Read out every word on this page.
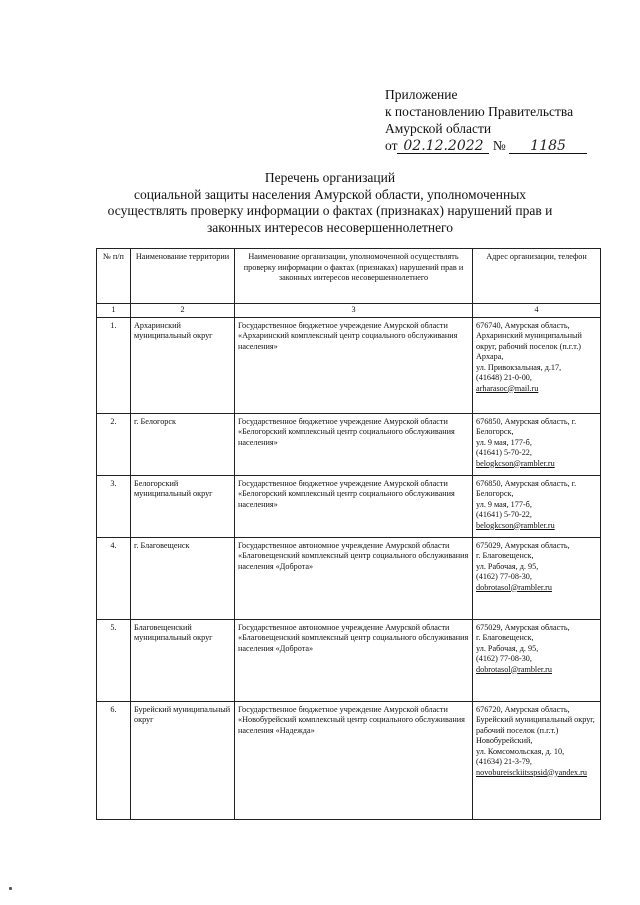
Приложение
к постановлению Правительства
Амурской области
от 02.12.2022 № 1185
Перечень организаций
социальной защиты населения Амурской области, уполномоченных
осуществлять проверку информации о фактах (признаках) нарушений прав и
законных интересов несовершеннолетнего
№ п/п	Наименование территории	Наименование организации, уполномоченной осуществлять проверку информации о фактах (признаках) нарушений прав и законных интересов несовершеннолетнего	Адрес организации, телефон
1	2	3	4
1.	Архаринский муниципальный округ	Государственное бюджетное учреждение Амурской области «Архаринский комплексный центр социального обслуживания населения»	676740, Амурская область, Архаринский муниципальный округ, рабочий поселок (п.г.т.) Архара,
ул. Привокзальная, д.17,
(41648) 21-0-00,
arharasoc@mail.ru

2.	г. Белогорск	Государственное бюджетное учреждение Амурской области «Белогорский комплексный центр социального обслуживания населения»	676850, Амурская область, г. Белогорск,
ул. 9 мая, 177-б,
(41641) 5-70-22,
belogkcson@rambler.ru

3.	Белогорский муниципальный округ	Государственное бюджетное учреждение Амурской области «Белогорский комплексный центр социального обслуживания населения»	676850, Амурская область, г. Белогорск,
ул. 9 мая, 177-б,
(41641) 5-70-22,
belogkcson@rambler.ru

4.	г. Благовещенск	Государственное автономное учреждение Амурской области «Благовещенский комплексный центр социального обслуживания населения «Доброта»	675029, Амурская область,
г. Благовещенск,
ул. Рабочая, д. 95,
(4162) 77-08-30,
dobrotasol@rambler.ru

5.	Благовещенский муниципальный округ	Государственное автономное учреждение Амурской области «Благовещенский комплексный центр социального обслуживания населения «Доброта»	675029, Амурская область,
г. Благовещенск,
ул. Рабочая, д. 95,
(4162) 77-08-30,
dobrotasol@rambler.ru

6.	Бурейский муниципальный округ	Государственное бюджетное учреждение Амурской области «Новобурейский комплексный центр социального обслуживания населения «Надежда»	676720, Амурская область, Бурейский муниципальный округ, рабочий поселок (п.г.т.) Новобурейский,
ул. Комсомольская, д. 10,
(41634) 21-3-79,
novobureisckiitsspsid@yandex.ru
